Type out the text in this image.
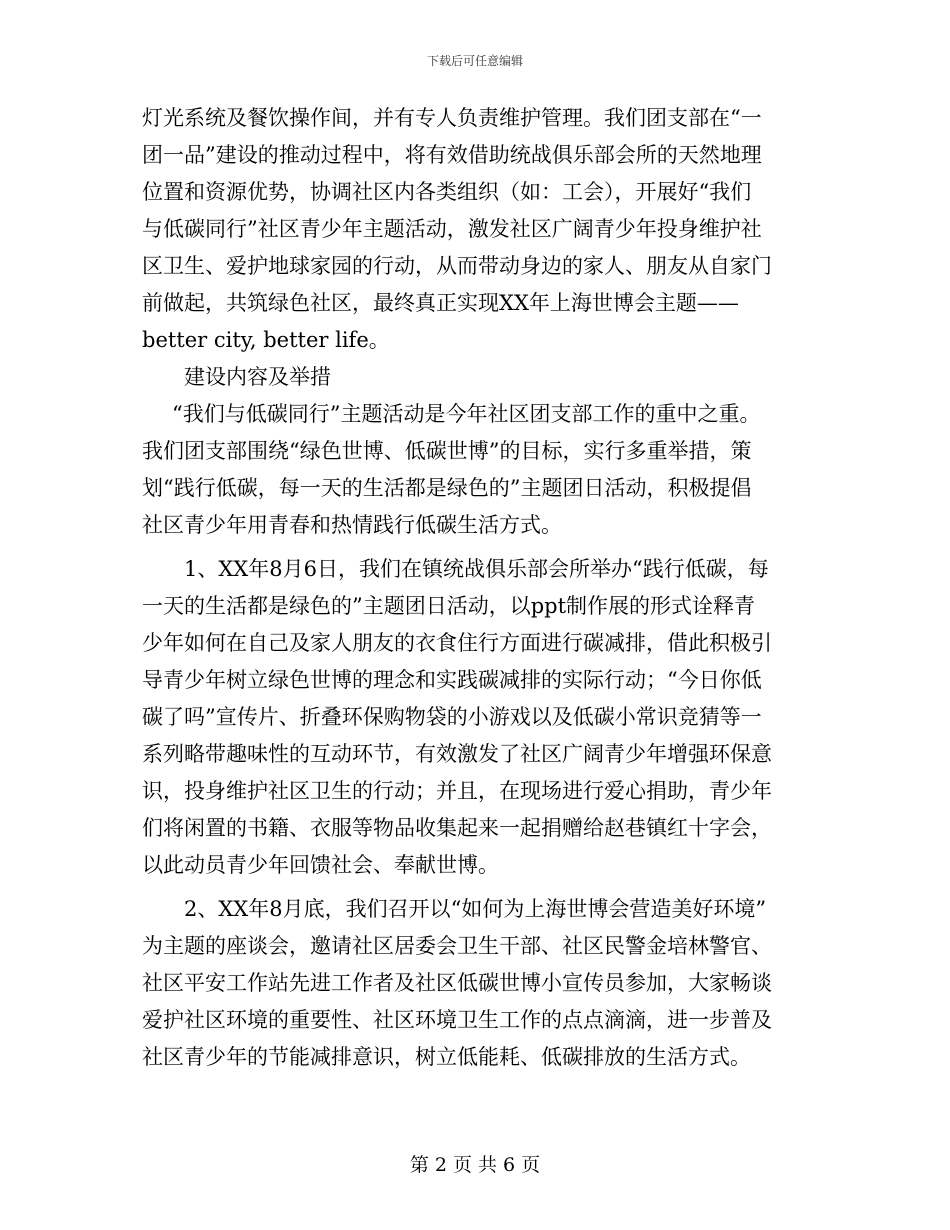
下载后可任意编辑
灯光系统及餐饮操作间，并有专人负责维护管理。我们团支部在“一
团一品”建设的推动过程中，将有效借助统战俱乐部会所的天然地理
位置和资源优势，协调社区内各类组织（如：工会），开展好“我们
与低碳同行”社区青少年主题活动，激发社区广阔青少年投身维护社
区卫生、爱护地球家园的行动，从而带动身边的家人、朋友从自家门
前做起，共筑绿色社区，最终真正实现XX年上海世博会主题——
better city, better life。
建设内容及举措
“我们与低碳同行”主题活动是今年社区团支部工作的重中之重。
我们团支部围绕“绿色世博、低碳世博”的目标，实行多重举措，策
划“践行低碳，每一天的生活都是绿色的”主题团日活动，积极提倡
社区青少年用青春和热情践行低碳生活方式。
1、XX年8月6日，我们在镇统战俱乐部会所举办“践行低碳，每
一天的生活都是绿色的”主题团日活动，以ppt制作展的形式诠释青
少年如何在自己及家人朋友的衣食住行方面进行碳减排，借此积极引
导青少年树立绿色世博的理念和实践碳减排的实际行动；“今日你低
碳了吗”宣传片、折叠环保购物袋的小游戏以及低碳小常识竞猜等一
系列略带趣味性的互动环节，有效激发了社区广阔青少年增强环保意
识，投身维护社区卫生的行动；并且，在现场进行爱心捐助，青少年
们将闲置的书籍、衣服等物品收集起来一起捐赠给赵巷镇红十字会，
以此动员青少年回馈社会、奉献世博。
2、XX年8月底，我们召开以“如何为上海世博会营造美好环境”
为主题的座谈会，邀请社区居委会卫生干部、社区民警金培林警官、
社区平安工作站先进工作者及社区低碳世博小宣传员参加，大家畅谈
爱护社区环境的重要性、社区环境卫生工作的点点滴滴，进一步普及
社区青少年的节能减排意识，树立低能耗、低碳排放的生活方式。
第 2 页 共 6 页
